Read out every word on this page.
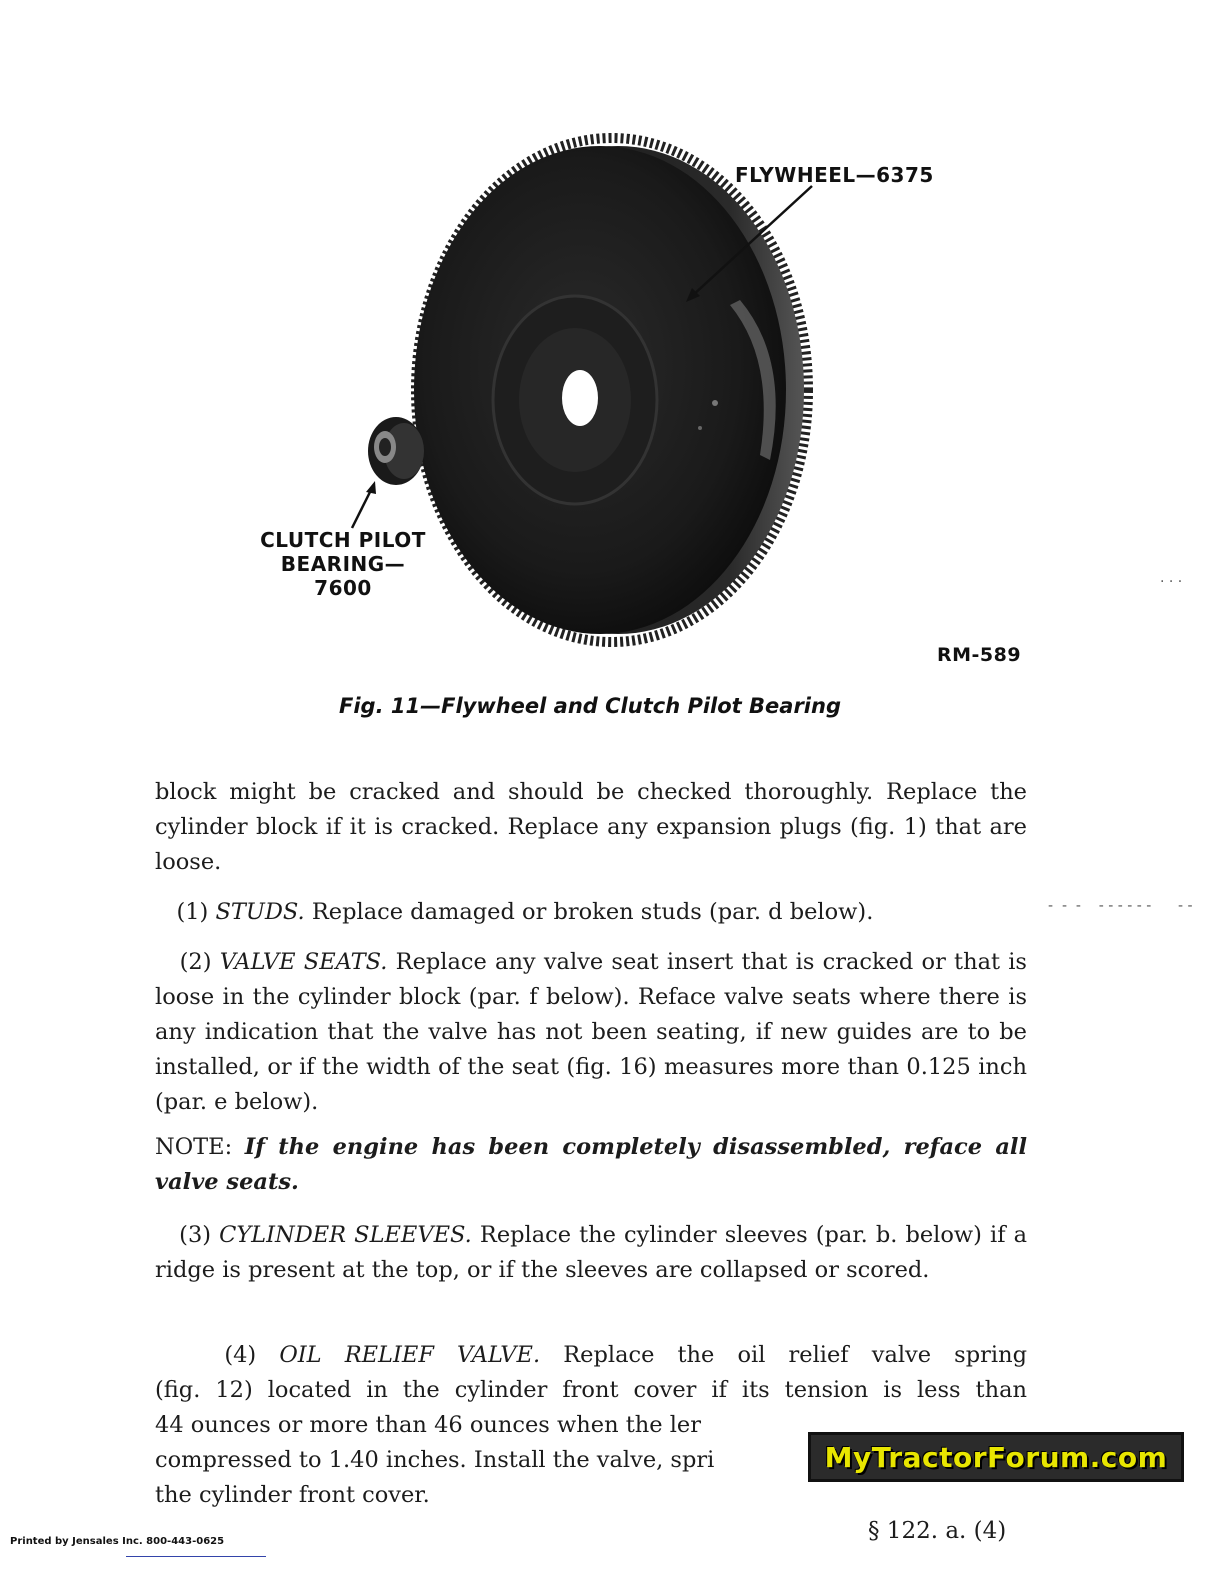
FLYWHEEL—6375
CLUTCH PILOT
BEARING—7600
RM-589
Fig. 11—Flywheel and Clutch Pilot Bearing
block might be cracked and should be checked thoroughly. Replace the cylinder block if it is cracked. Replace any expansion plugs (fig. 1) that are loose.
(1) STUDS. Replace damaged or broken studs (par. d below).
(2) VALVE SEATS. Replace any valve seat insert that is cracked or that is loose in the cylinder block (par. f below). Reface valve seats where there is any indication that the valve has not been seating, if new guides are to be installed, or if the width of the seat (fig. 16) measures more than 0.125 inch (par. e below).
NOTE: If the engine has been completely disassembled, reface all valve seats.
(3) CYLINDER SLEEVES. Replace the cylinder sleeves (par. b. below) if a ridge is present at the top, or if the sleeves are collapsed or scored.
(4) OIL RELIEF VALVE. Replace the oil relief valve spring
(fig. 12) located in the cylinder front cover if its tension is less than
44 ounces or more than 46 ounces when the ler
compressed to 1.40 inches. Install the valve, spri
the cylinder front cover.
MyTractorForum.com
§ 122. a. (4)
Printed by Jensales Inc. 800-443-0625
-  -  -    - - - - - -      - -
. . .
